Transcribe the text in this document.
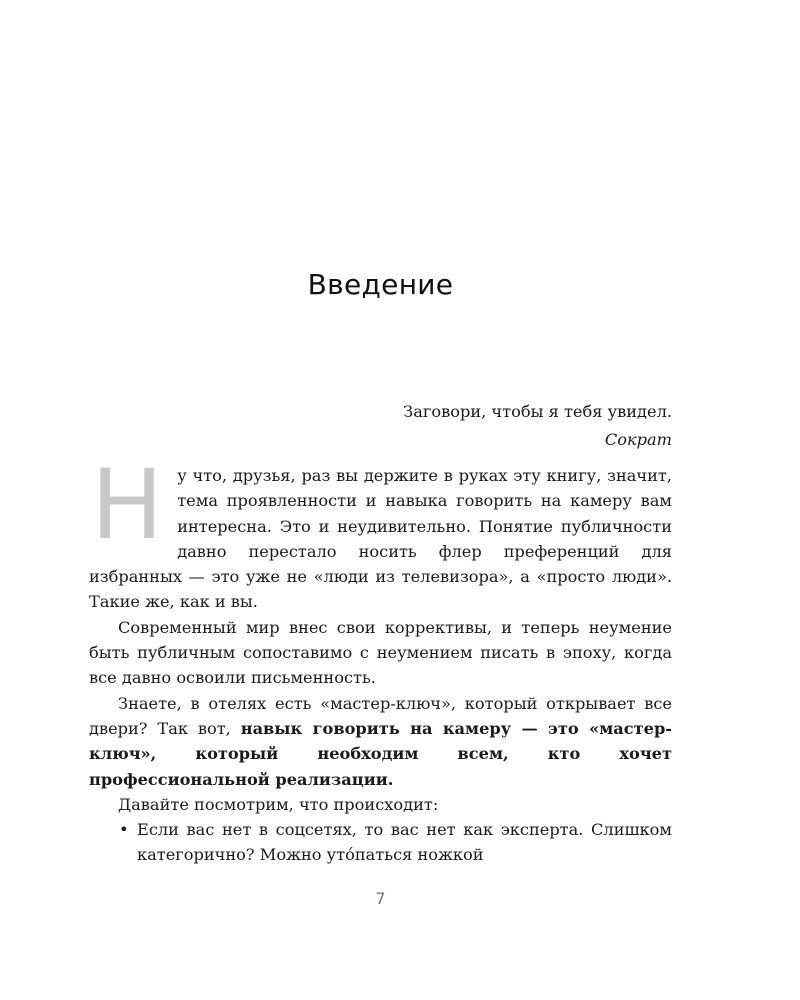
Введение
Заговори, чтобы я тебя увидел.
Сократ

Ну что, друзья, раз вы держите в руках эту книгу, значит, тема проявленности и навыка говорить на камеру вам интересна. Это и неудивительно. Понятие публичности давно перестало носить флер преференций для избранных — это уже не «люди из телевизора», а «просто люди». Такие же, как и вы.

Современный мир внес свои коррективы, и теперь неумение быть публичным сопоставимо с неумением писать в эпоху, когда все давно освоили письменность.

Знаете, в отелях есть «мастер-ключ», который открывает все двери? Так вот, навык говорить на камеру — это «мастер-ключ», который необходим всем, кто хочет профессиональной реализации.

Давайте посмотрим, что происходит:

• Если вас нет в соцсетях, то вас нет как эксперта. Слишком категорично? Можно уто́паться ножкой
7
